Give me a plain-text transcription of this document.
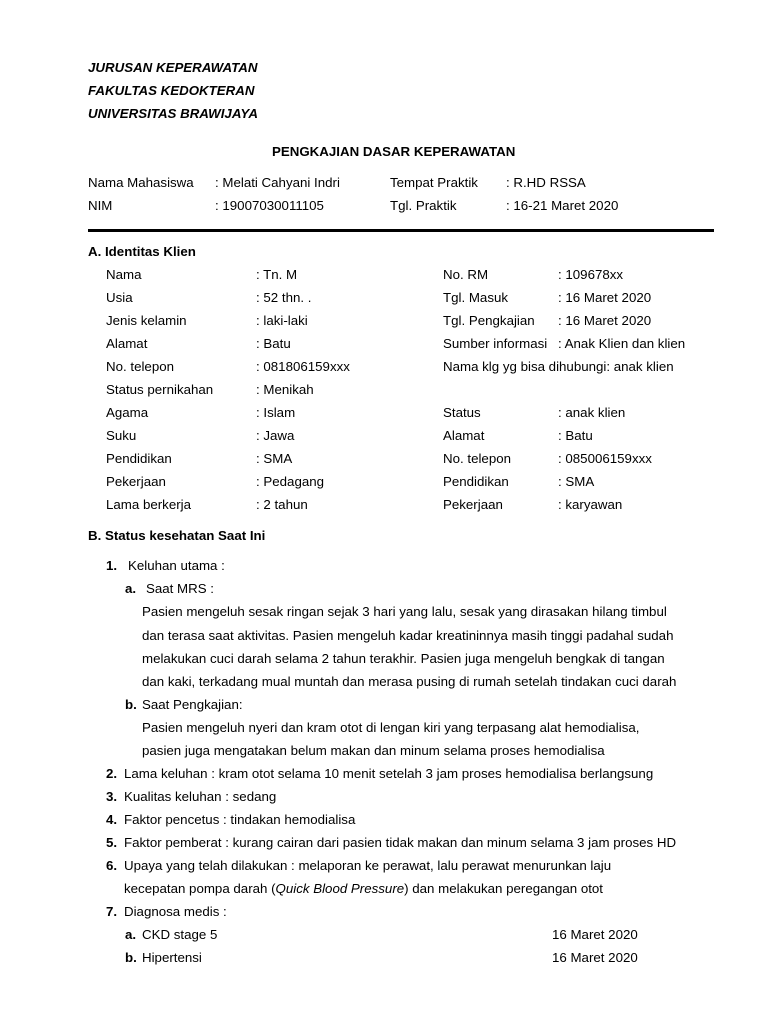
JURUSAN KEPERAWATAN
FAKULTAS KEDOKTERAN
UNIVERSITAS BRAWIJAYA
PENGKAJIAN DASAR KEPERAWATAN
Nama Mahasiswa : Melati Cahyani Indri	Tempat Praktik : R.HD RSSA
NIM	: 19007030011105	Tgl. Praktik	: 16-21 Maret 2020
A. Identitas Klien
Nama	: Tn. M	No. RM	: 109678xx
Usia	: 52 thn. .	Tgl. Masuk	: 16 Maret 2020
Jenis kelamin	: laki-laki	Tgl. Pengkajian : 16 Maret 2020
Alamat	: Batu	Sumber informasi : Anak Klien dan klien
No. telepon	: 081806159xxx	Nama klg yg bisa dihubungi: anak klien
Status pernikahan	: Menikah
Agama	: Islam	Status	: anak klien
Suku	: Jawa	Alamat	: Batu
Pendidikan	: SMA	No. telepon	: 085006159xxx
Pekerjaan	: Pedagang	Pendidikan	: SMA
Lama berkerja	: 2 tahun	Pekerjaan	: karyawan
B. Status kesehatan Saat Ini
1. Keluhan utama :
a. Saat MRS :
Pasien mengeluh sesak ringan sejak 3 hari yang lalu, sesak yang dirasakan hilang timbul
dan terasa saat aktivitas. Pasien mengeluh kadar kreatininnya masih tinggi padahal sudah
melakukan cuci darah selama 2 tahun terakhir. Pasien juga mengeluh bengkak di tangan
dan kaki, terkadang mual muntah dan merasa pusing di rumah setelah tindakan cuci darah
b. Saat Pengkajian:
Pasien mengeluh nyeri dan kram otot di lengan kiri yang terpasang alat hemodialisa,
pasien juga mengatakan belum makan dan minum selama proses hemodialisa
2. Lama keluhan : kram otot selama 10 menit setelah 3 jam proses hemodialisa berlangsung
3. Kualitas keluhan : sedang
4. Faktor pencetus : tindakan hemodialisa
5. Faktor pemberat : kurang cairan dari pasien tidak makan dan minum selama 3 jam proses HD
6. Upaya yang telah dilakukan : melaporan ke perawat, lalu perawat menurunkan laju
kecepatan pompa darah (Quick Blood Pressure) dan melakukan peregangan otot
7. Diagnosa medis :
a. CKD stage 5	16 Maret 2020
b. Hipertensi	16 Maret 2020
